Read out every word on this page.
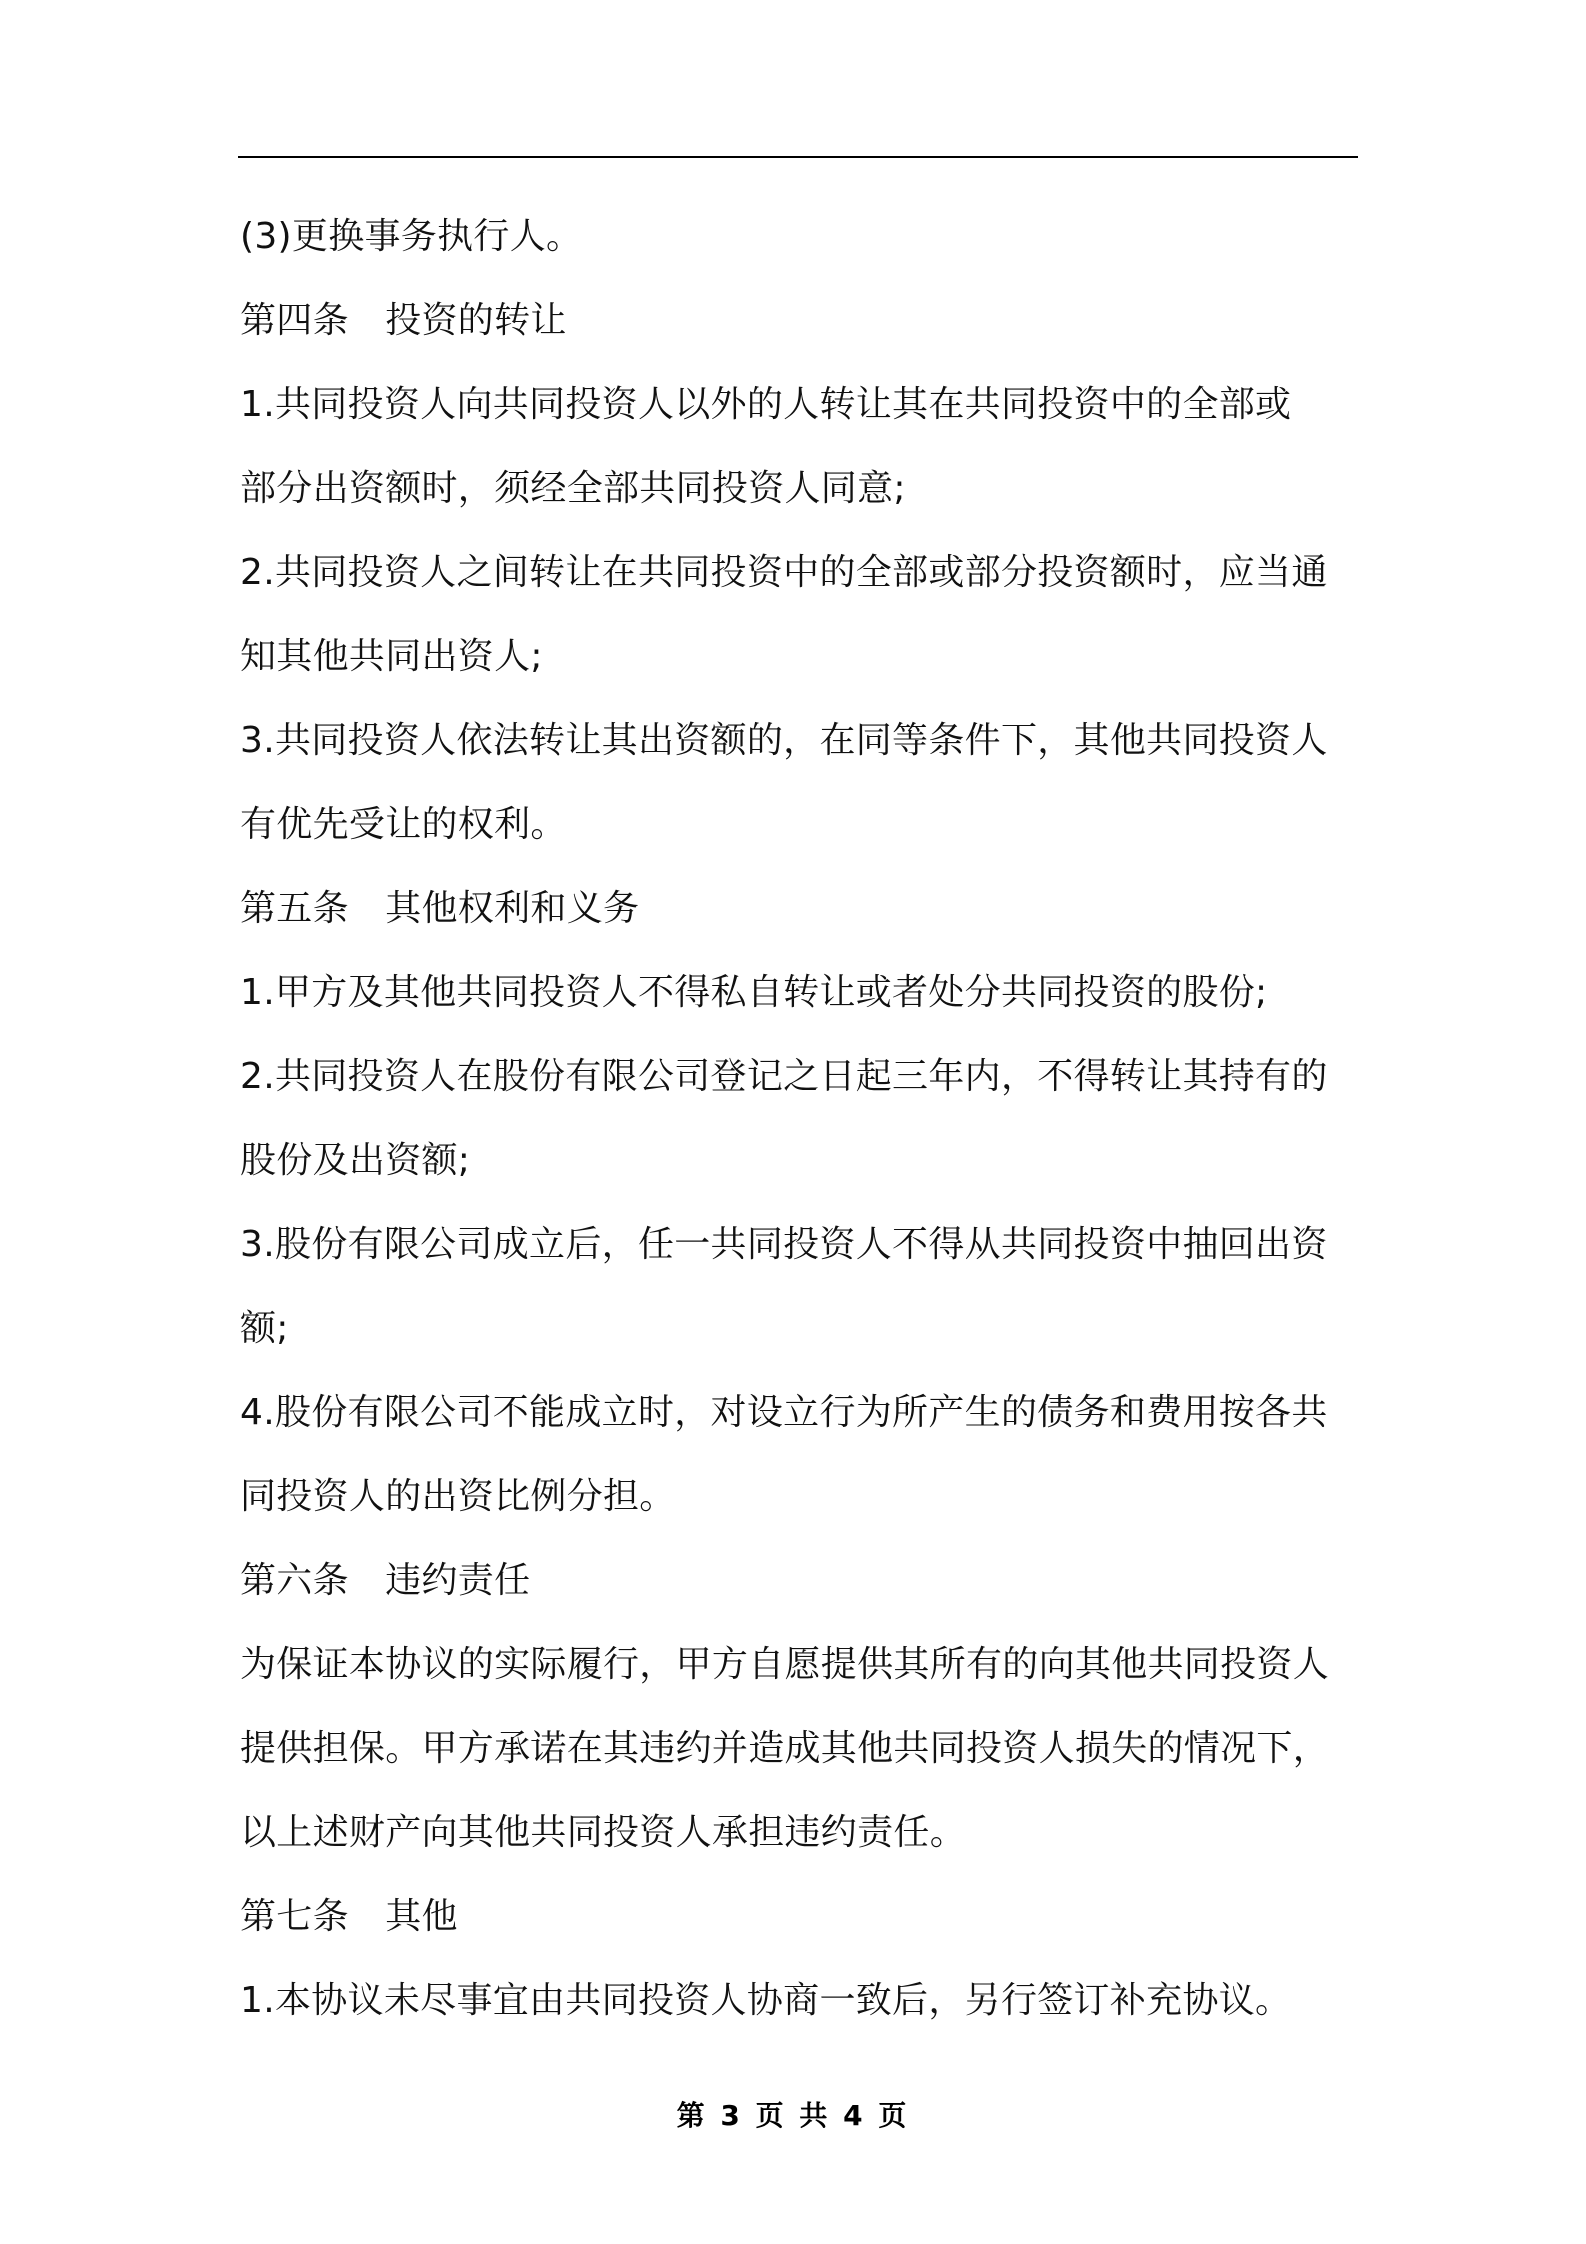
(3)更换事务执行人。
第四条　投资的转让
1.共同投资人向共同投资人以外的人转让其在共同投资中的全部或
部分出资额时，须经全部共同投资人同意;
2.共同投资人之间转让在共同投资中的全部或部分投资额时，应当通
知其他共同出资人;
3.共同投资人依法转让其出资额的，在同等条件下，其他共同投资人
有优先受让的权利。
第五条　其他权利和义务
1.甲方及其他共同投资人不得私自转让或者处分共同投资的股份;
2.共同投资人在股份有限公司登记之日起三年内，不得转让其持有的
股份及出资额;
3.股份有限公司成立后，任一共同投资人不得从共同投资中抽回出资
额;
4.股份有限公司不能成立时，对设立行为所产生的债务和费用按各共
同投资人的出资比例分担。
第六条　违约责任
为保证本协议的实际履行，甲方自愿提供其所有的向其他共同投资人
提供担保。甲方承诺在其违约并造成其他共同投资人损失的情况下，
以上述财产向其他共同投资人承担违约责任。
第七条　其他
1.本协议未尽事宜由共同投资人协商一致后，另行签订补充协议。
第 3 页 共 4 页
